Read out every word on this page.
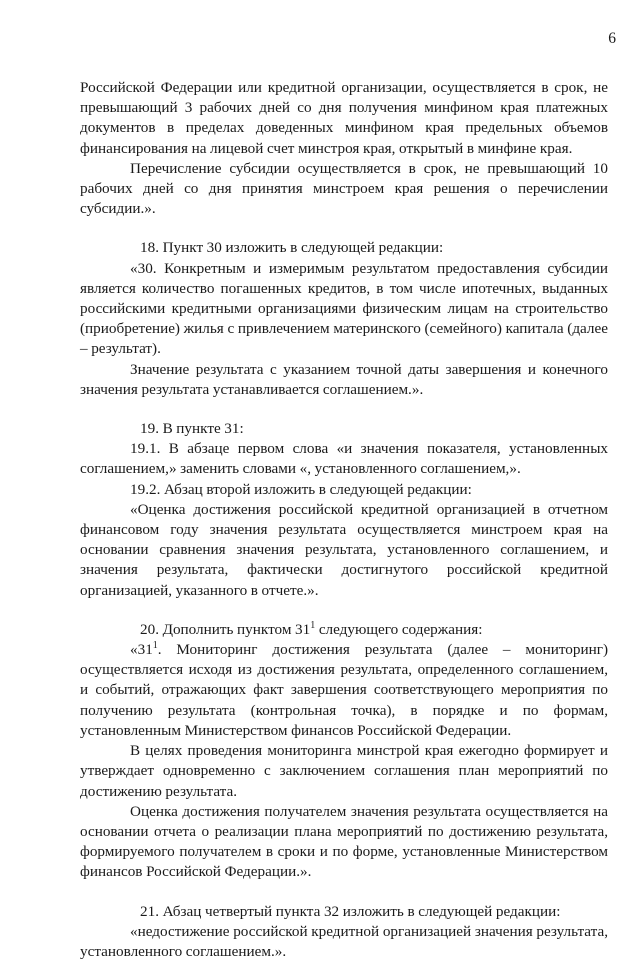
6

Российской Федерации или кредитной организации, осуществляется в срок, не превышающий 3 рабочих дней со дня получения минфином края платежных документов в пределах доведенных минфином края предельных объемов финансирования на лицевой счет минстроя края, открытый в минфине края.

Перечисление субсидии осуществляется в срок, не превышающий 10 рабочих дней со дня принятия минстроем края решения о перечислении субсидии.».

18. Пункт 30 изложить в следующей редакции:

«30. Конкретным и измеримым результатом предоставления субсидии является количество погашенных кредитов, в том числе ипотечных, выданных российскими кредитными организациями физическим лицам на строительство (приобретение) жилья с привлечением материнского (семейного) капитала (далее – результат).

Значение результата с указанием точной даты завершения и конечного значения результата устанавливается соглашением.».

19. В пункте 31:

19.1. В абзаце первом слова «и значения показателя, установленных соглашением,» заменить словами «, установленного соглашением,».

19.2. Абзац второй изложить в следующей редакции:

«Оценка достижения российской кредитной организацией в отчетном финансовом году значения результата осуществляется минстроем края на основании сравнения значения результата, установленного соглашением, и значения результата, фактически достигнутого российской кредитной организацией, указанного в отчете.».

20. Дополнить пунктом $31^1$ следующего содержания:

«$31^1$. Мониторинг достижения результата (далее – мониторинг) осуществляется исходя из достижения результата, определенного соглашением, и событий, отражающих факт завершения соответствующего мероприятия по получению результата (контрольная точка), в порядке и по формам, установленным Министерством финансов Российской Федерации.

В целях проведения мониторинга минстрой края ежегодно формирует и утверждает одновременно с заключением соглашения план мероприятий по достижению результата.

Оценка достижения получателем значения результата осуществляется на основании отчета о реализации плана мероприятий по достижению результата, формируемого получателем в сроки и по форме, установленные Министерством финансов Российской Федерации.».

21. Абзац четвертый пункта 32 изложить в следующей редакции:

«недостижение российской кредитной организацией значения результата, установленного соглашением.».
